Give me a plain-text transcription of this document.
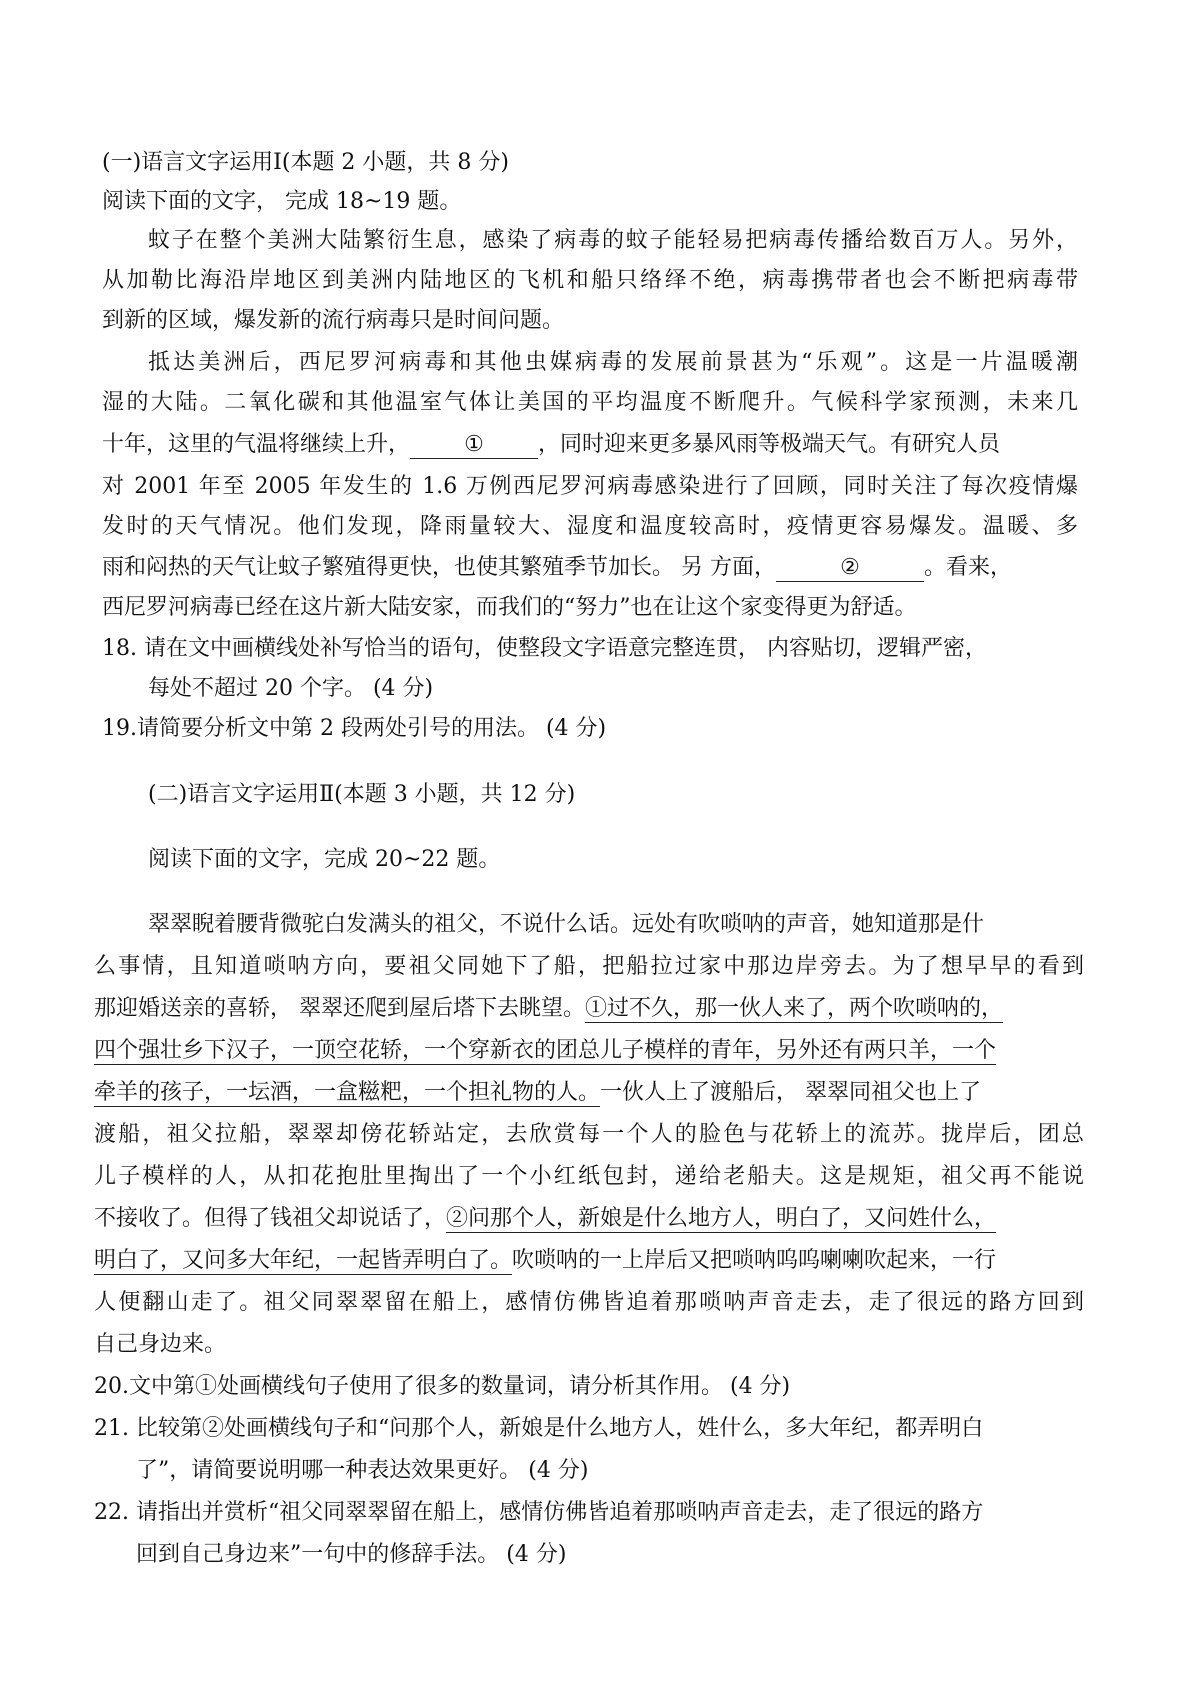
(一)语言文字运用Ⅰ(本题 2 小题，共 8 分)
阅读下面的文字， 完成 18~19 题。
蚊子在整个美洲大陆繁衍生息，感染了病毒的蚊子能轻易把病毒传播给数百万人。另外，
从加勒比海沿岸地区到美洲内陆地区的飞机和船只络绎不绝，病毒携带者也会不断把病毒带
到新的区域，爆发新的流行病毒只是时间问题。
抵达美洲后，西尼罗河病毒和其他虫媒病毒的发展前景甚为“乐观”。这是一片温暖潮
湿的大陆。二氧化碳和其他温室气体让美国的平均温度不断爬升。气候科学家预测，未来几
十年，这里的气温将继续上升， ① ，同时迎来更多暴风雨等极端天气。有研究人员
对 2001 年至 2005 年发生的 1.6 万例西尼罗河病毒感染进行了回顾，同时关注了每次疫情爆
发时的天气情况。他们发现，降雨量较大、湿度和温度较高时，疫情更容易爆发。温暖、多
雨和闷热的天气让蚊子繁殖得更快，也使其繁殖季节加长。 另 方面，	②	。看来，
西尼罗河病毒已经在这片新大陆安家，而我们的“努力”也在让这个家变得更为舒适。
18. 请在文中画横线处补写恰当的语句，使整段文字语意完整连贯， 内容贴切，逻辑严密，
每处不超过 20 个字。 (4 分)
19.请简要分析文中第 2 段两处引号的用法。 (4 分)
(二)语言文字运用Ⅱ(本题 3 小题，共 12 分)
阅读下面的文字，完成 20~22 题。
翠翠睨着腰背微驼白发满头的祖父，不说什么话。远处有吹唢呐的声音，她知道那是什
么事情，且知道唢呐方向，要祖父同她下了船，把船拉过家中那边岸旁去。为了想早早的看到
那迎婚送亲的喜轿， 翠翠还爬到屋后塔下去眺望。①过不久，那一伙人来了，两个吹唢呐的，
四个强壮乡下汉子，一顶空花轿，一个穿新衣的团总儿子模样的青年，另外还有两只羊，一个
牵羊的孩子，一坛酒，一盒糍粑，一个担礼物的人。一伙人上了渡船后， 翠翠同祖父也上了
渡船，祖父拉船，翠翠却傍花轿站定，去欣赏每一个人的脸色与花轿上的流苏。拢岸后，团总
儿子模样的人，从扣花抱肚里掏出了一个小红纸包封，递给老船夫。这是规矩，祖父再不能说
不接收了。但得了钱祖父却说话了，②问那个人，新娘是什么地方人，明白了，又问姓什么，
明白了，又问多大年纪，一起皆弄明白了。吹唢呐的一上岸后又把唢呐呜呜喇喇吹起来，一行
人便翻山走了。祖父同翠翠留在船上，感情仿佛皆追着那唢呐声音走去，走了很远的路方回到
自己身边来。
20.文中第①处画横线句子使用了很多的数量词，请分析其作用。 (4 分)
21. 比较第②处画横线句子和“问那个人，新娘是什么地方人，姓什么，多大年纪，都弄明白
了”，请简要说明哪一种表达效果更好。 (4 分)
22. 请指出并赏析“祖父同翠翠留在船上，感情仿佛皆追着那唢呐声音走去，走了很远的路方
回到自己身边来”一句中的修辞手法。 (4 分)
